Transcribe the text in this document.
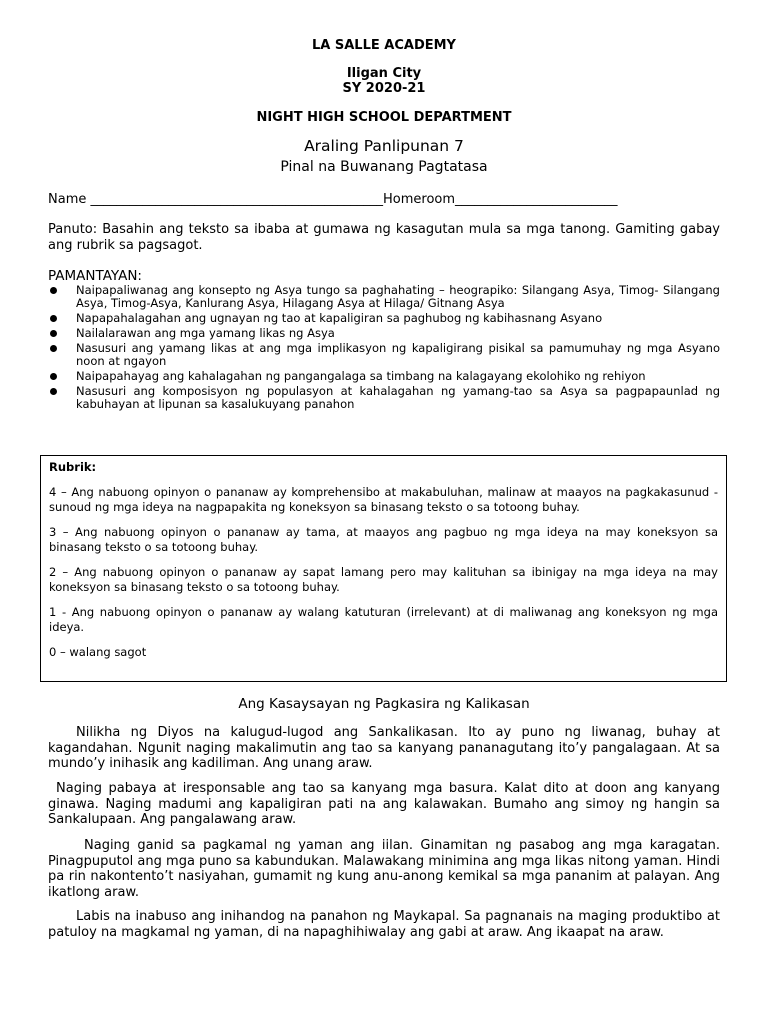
LA SALLE ACADEMY
Iligan City
SY 2020-21
NIGHT HIGH SCHOOL DEPARTMENT
Araling Panlipunan 7
Pinal na Buwanang Pagtatasa
Name _____________________________________________Homeroom_________________________
Panuto: Basahin ang teksto sa ibaba at gumawa ng kasagutan mula sa mga tanong. Gamiting gabay ang rubrik sa pagsagot.
PAMANTAYAN:
Naipapaliwanag ang konsepto ng Asya tungo sa paghahating – heograpiko: Silangang Asya, Timog- Silangang Asya, Timog-Asya, Kanlurang Asya, Hilagang Asya at Hilaga/ Gitnang Asya
Napapahalagahan ang ugnayan ng tao at kapaligiran sa paghubog ng kabihasnang Asyano
Nailalarawan ang mga yamang likas ng Asya
Nasusuri ang yamang likas at ang mga implikasyon ng kapaligirang pisikal sa pamumuhay ng mga Asyano noon at ngayon
Naipapahayag ang kahalagahan ng pangangalaga sa timbang na kalagayang ekolohiko ng rehiyon
Nasusuri ang komposisyon ng populasyon at kahalagahan ng yamang-tao sa Asya sa pagpapaunlad ng kabuhayan at lipunan sa kasalukuyang panahon
Rubrik:

4 – Ang nabuong opinyon o pananaw ay komprehensibo at makabuluhan, malinaw at maayos na pagkakasunud - sunoud ng mga ideya na nagpapakita ng koneksyon sa binasang teksto o sa totoong buhay.

3 – Ang nabuong opinyon o pananaw ay tama, at maayos ang pagbuo ng mga ideya na may koneksyon sa binasang teksto o sa totoong buhay.

2 – Ang nabuong opinyon o pananaw ay sapat lamang pero may kalituhan sa ibinigay na mga ideya na may koneksyon sa binasang teksto o sa totoong buhay.

1 - Ang nabuong opinyon o pananaw ay walang katuturan (irrelevant) at di maliwanag ang koneksyon ng mga ideya.

0 – walang sagot

Ang Kasaysayan ng Pagkasira ng Kalikasan
Nilikha ng Diyos na kalugud-lugod ang Sankalikasan. Ito ay puno ng liwanag, buhay at kagandahan. Ngunit naging makalimutin ang tao sa kanyang pananagutang ito’y pangalagaan. At sa mundo’y inihasik ang kadiliman. Ang unang araw.
Naging pabaya at iresponsable ang tao sa kanyang mga basura. Kalat dito at doon ang kanyang ginawa. Naging madumi ang kapaligiran pati na ang kalawakan. Bumaho ang simoy ng hangin sa Sankalupaan. Ang pangalawang araw.
Naging ganid sa pagkamal ng yaman ang iilan. Ginamitan ng pasabog ang mga karagatan. Pinagpuputol ang mga puno sa kabundukan. Malawakang minimina ang mga likas nitong yaman. Hindi pa rin nakontento’t nasiyahan, gumamit ng kung anu-anong kemikal sa mga pananim at palayan. Ang ikatlong araw.
Labis na inabuso ang inihandog na panahon ng Maykapal. Sa pagnanais na maging produktibo at patuloy na magkamal ng yaman, di na napaghihiwalay ang gabi at araw. Ang ikaapat na araw.
